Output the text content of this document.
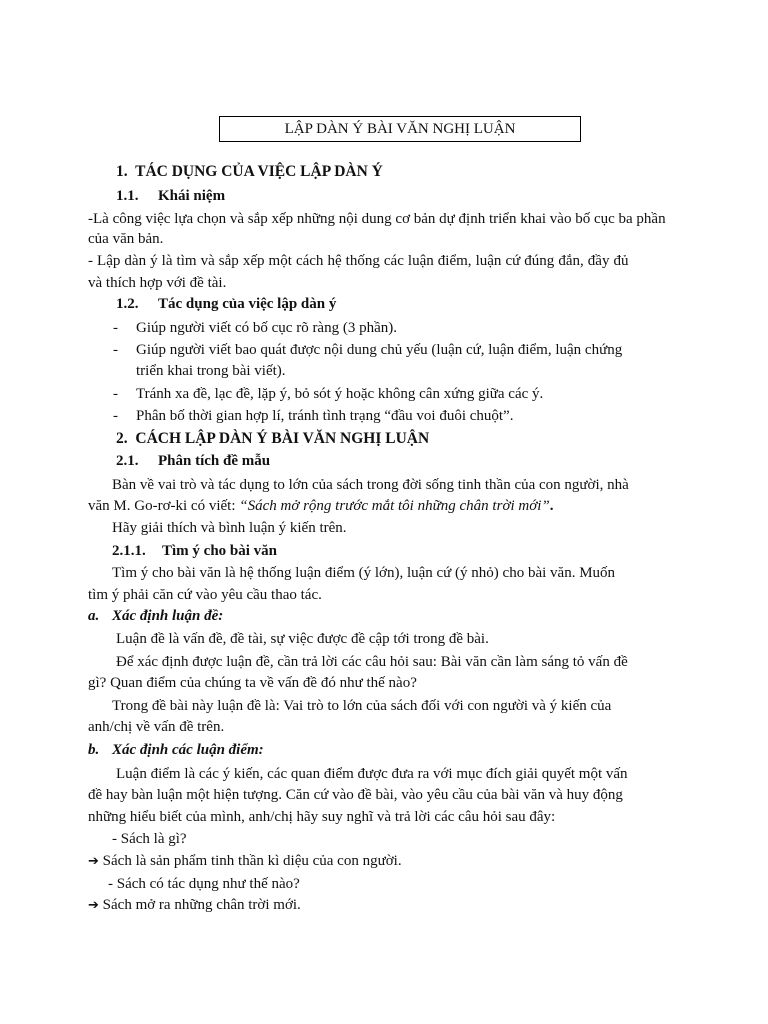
LẬP DÀN Ý BÀI VĂN NGHỊ LUẬN
1. TÁC DỤNG CỦA VIỆC LẬP DÀN Ý
1.1. Khái niệm
-Là công việc lựa chọn và sắp xếp những nội dung cơ bản dự định triển khai vào bố cục ba phần
của văn bản.
- Lập dàn ý là tìm và sắp xếp một cách hệ thống các luận điểm, luận cứ đúng đắn, đầy đủ
và thích hợp với đề tài.
1.2. Tác dụng của việc lập dàn ý
- Giúp người viết có bố cục rõ ràng (3 phần).
- Giúp người viết bao quát được nội dung chủ yếu (luận cứ, luận điểm, luận chứng
triển khai trong bài viết).
- Tránh xa đề, lạc đề, lặp ý, bỏ sót ý hoặc không cân xứng giữa các ý.
- Phân bố thời gian hợp lí, tránh tình trạng “đầu voi đuôi chuột”.
2. CÁCH LẬP DÀN Ý BÀI VĂN NGHỊ LUẬN
2.1. Phân tích đề mẫu
Bàn về vai trò và tác dụng to lớn của sách trong đời sống tinh thần của con người, nhà
văn M. Go-rơ-ki có viết: “Sách mở rộng trước mắt tôi những chân trời mới”.
Hãy giải thích và bình luận ý kiến trên.
2.1.1. Tìm ý cho bài văn
Tìm ý cho bài văn là hệ thống luận điểm (ý lớn), luận cứ (ý nhỏ) cho bài văn. Muốn
tìm ý phải căn cứ vào yêu cầu thao tác.
a. Xác định luận đề:
Luận đề là vấn đề, đề tài, sự việc được đề cập tới trong đề bài.
Để xác định được luận đề, cần trả lời các câu hỏi sau: Bài văn cần làm sáng tỏ vấn đề
gì? Quan điểm của chúng ta về vấn đề đó như thế nào?
Trong đề bài này luận đề là: Vai trò to lớn của sách đối với con người và ý kiến của
anh/chị về vấn đề trên.
b. Xác định các luận điểm:
Luận điểm là các ý kiến, các quan điểm được đưa ra với mục đích giải quyết một vấn
đề hay bàn luận một hiện tượng. Căn cứ vào đề bài, vào yêu cầu của bài văn và huy động
những hiểu biết của mình, anh/chị hãy suy nghĩ và trả lời các câu hỏi sau đây:
- Sách là gì?
➔ Sách là sản phẩm tinh thần kì diệu của con người.
- Sách có tác dụng như thế nào?
➔ Sách mở ra những chân trời mới.
